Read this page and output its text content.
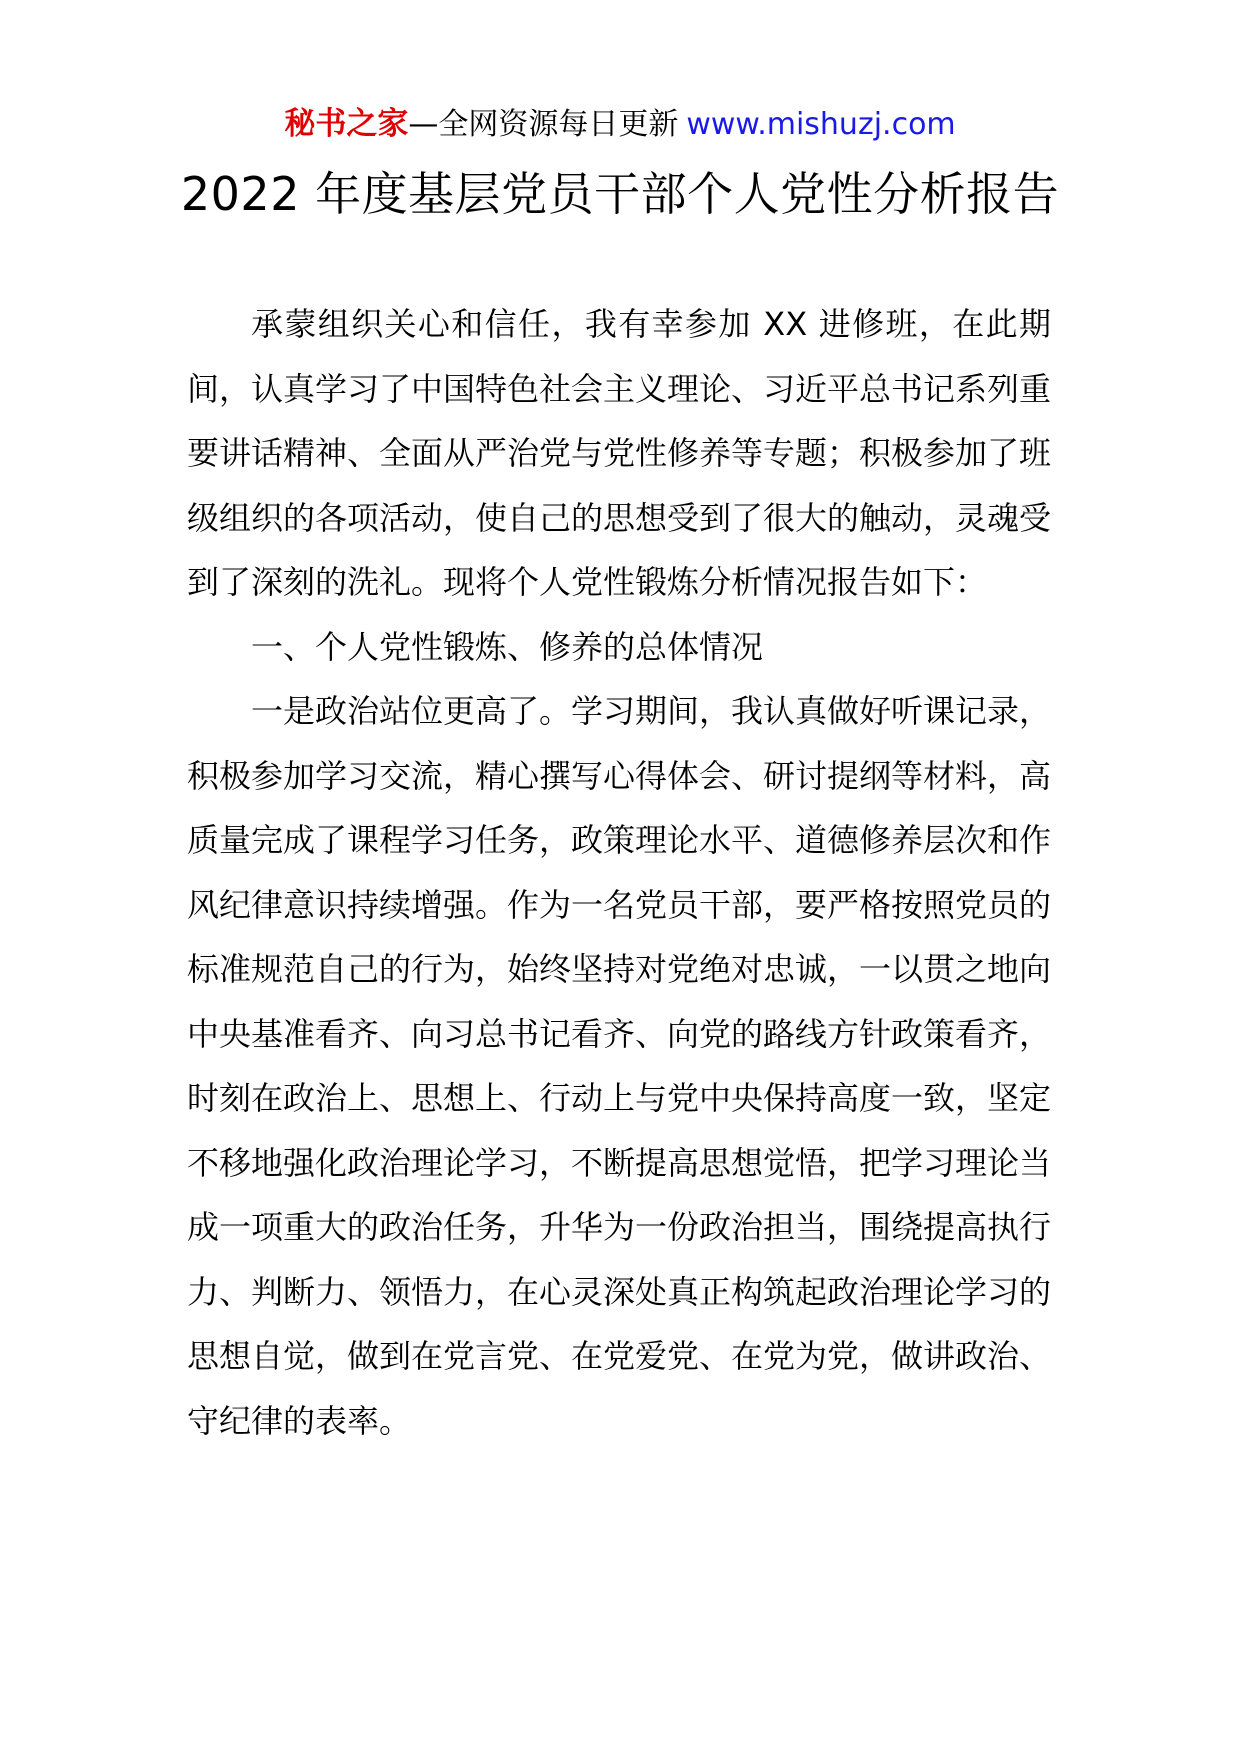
秘书之家—全网资源每日更新 www.mishuzj.com
2022 年度基层党员干部个人党性分析报告

承蒙组织关心和信任，我有幸参加 XX 进修班，在此期间，认真学习了中国特色社会主义理论、习近平总书记系列重要讲话精神、全面从严治党与党性修养等专题；积极参加了班级组织的各项活动，使自己的思想受到了很大的触动，灵魂受到了深刻的洗礼。现将个人党性锻炼分析情况报告如下：

一、个人党性锻炼、修养的总体情况

一是政治站位更高了。学习期间，我认真做好听课记录，积极参加学习交流，精心撰写心得体会、研讨提纲等材料，高质量完成了课程学习任务，政策理论水平、道德修养层次和作风纪律意识持续增强。作为一名党员干部，要严格按照党员的标准规范自己的行为，始终坚持对党绝对忠诚，一以贯之地向中央基准看齐、向习总书记看齐、向党的路线方针政策看齐，时刻在政治上、思想上、行动上与党中央保持高度一致，坚定不移地强化政治理论学习，不断提高思想觉悟，把学习理论当成一项重大的政治任务，升华为一份政治担当，围绕提高执行力、判断力、领悟力，在心灵深处真正构筑起政治理论学习的思想自觉，做到在党言党、在党爱党、在党为党，做讲政治、守纪律的表率。
